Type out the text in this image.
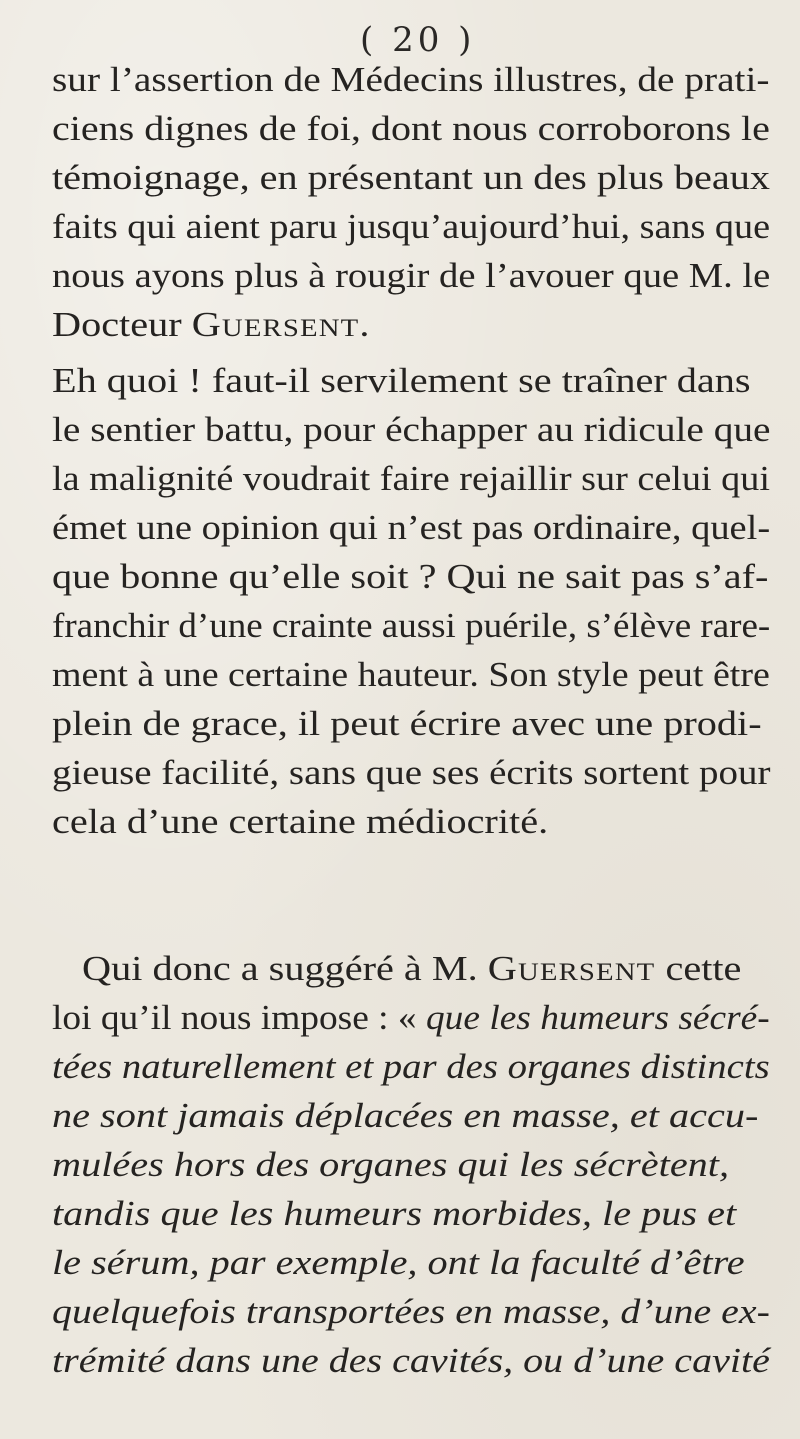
( 20 )
sur l’assertion de Médecins illustres, de prati-
ciens dignes de foi, dont nous corroborons le
témoignage, en présentant un des plus beaux
faits qui aient paru jusqu’aujourd’hui, sans que
nous ayons plus à rougir de l’avouer que M. le
Docteur Guersent.
Eh quoi ! faut-il servilement se traîner dans
le sentier battu, pour échapper au ridicule que
la malignité voudrait faire rejaillir sur celui qui
émet une opinion qui n’est pas ordinaire, quel-
que bonne qu’elle soit ? Qui ne sait pas s’af-
franchir d’une crainte aussi puérile, s’élève rare-
ment à une certaine hauteur. Son style peut être
plein de grace, il peut écrire avec une prodi-
gieuse facilité, sans que ses écrits sortent pour
cela d’une certaine médiocrité.
Qui donc a suggéré à M. Guersent cette
loi qu’il nous impose : « que les humeurs sécré-
tées naturellement et par des organes distincts
ne sont jamais déplacées en masse, et accu-
mulées hors des organes qui les sécrètent,
tandis que les humeurs morbides, le pus et
le sérum, par exemple, ont la faculté d’être
quelquefois transportées en masse, d’une ex-
trémité dans une des cavités, ou d’une cavité
